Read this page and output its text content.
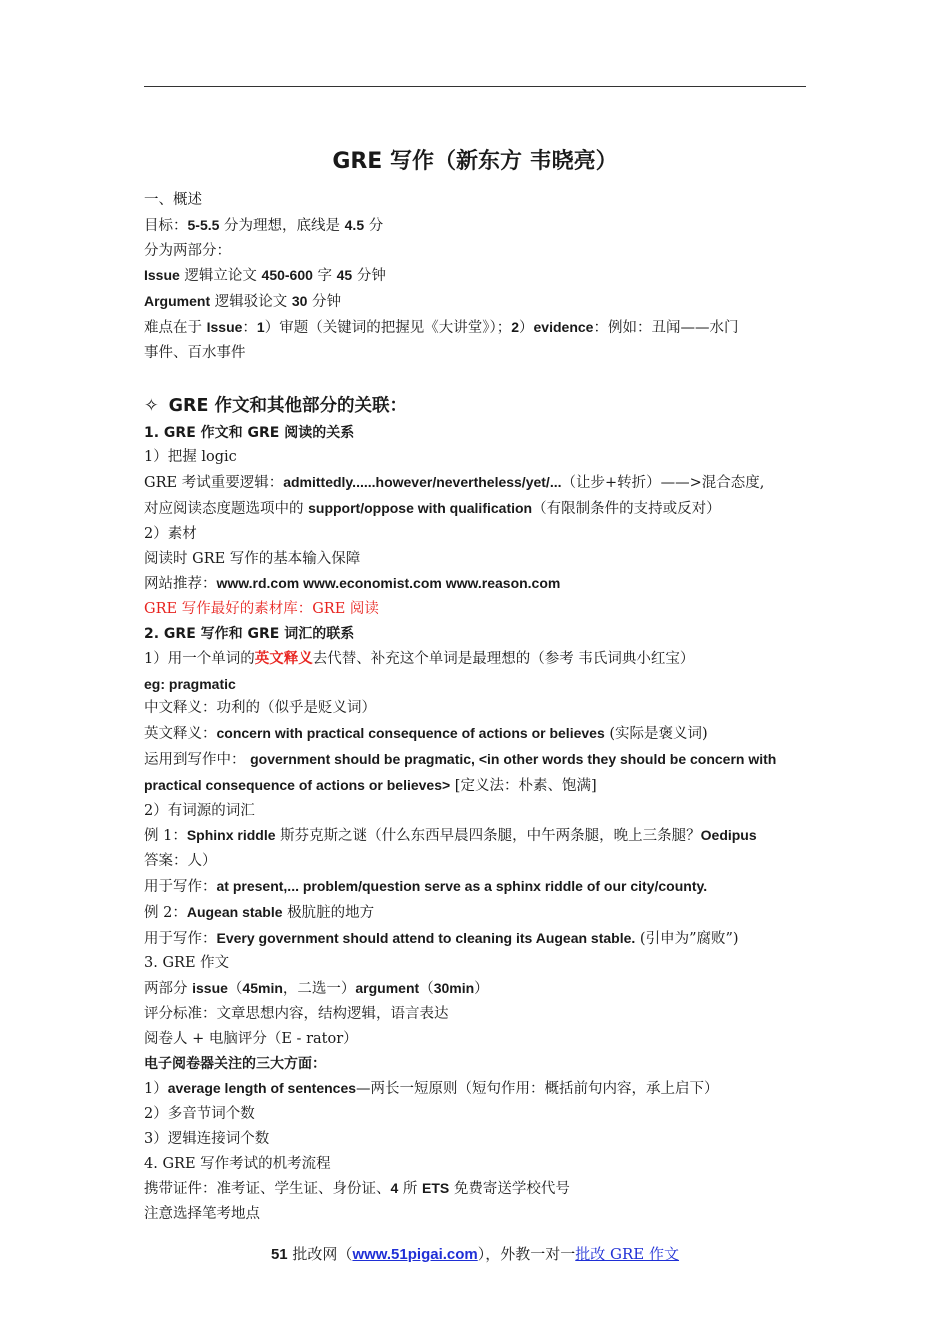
GRE 写作（新东方 韦晓亮）
一、概述
目标：5-5.5 分为理想，底线是 4.5 分
分为两部分：
Issue 逻辑立论文 450-600 字 45 分钟
Argument 逻辑驳论文 30 分钟
难点在于 Issue：1）审题（关键词的把握见《大讲堂》）；2）evidence：例如：丑闻——水门
事件、百水事件
✧ GRE 作文和其他部分的关联：
1. GRE 作文和 GRE 阅读的关系
1）把握 logic
GRE 考试重要逻辑：admittedly......however/nevertheless/yet/...（让步+转折）——>混合态度,
对应阅读态度题选项中的 support/oppose with qualification（有限制条件的支持或反对）
2）素材
阅读时 GRE 写作的基本输入保障
网站推荐：www.rd.com www.economist.com www.reason.com
GRE 写作最好的素材库：GRE 阅读
2. GRE 写作和 GRE 词汇的联系
1）用一个单词的英文释义去代替、补充这个单词是最理想的（参考 韦氏词典小红宝）
eg: pragmatic
中文释义：功利的（似乎是贬义词）
英文释义：concern with practical consequence of actions or believes (实际是褒义词)
运用到写作中： government should be pragmatic, <in other words they should be concern with
practical consequence of actions or believes> [定义法：朴素、饱满]
2）有词源的词汇
例 1：Sphinx riddle 斯芬克斯之谜（什么东西早晨四条腿，中午两条腿，晚上三条腿？Oedipus
答案：人）
用于写作：at present,... problem/question serve as a sphinx riddle of our city/county.
例 2：Augean stable 极肮脏的地方
用于写作：Every government should attend to cleaning its Augean stable. (引申为”腐败”)
3. GRE 作文
两部分 issue（45min，二选一）argument（30min）
评分标准：文章思想内容，结构逻辑，语言表达
阅卷人 + 电脑评分（E - rator）
电子阅卷器关注的三大方面：
1）average length of sentences—两长一短原则（短句作用：概括前句内容，承上启下）
2）多音节词个数
3）逻辑连接词个数
4. GRE 写作考试的机考流程
携带证件：准考证、学生证、身份证、4 所 ETS 免费寄送学校代号
注意选择笔考地点
51 批改网（www.51pigai.com），外教一对一批改 GRE 作文
